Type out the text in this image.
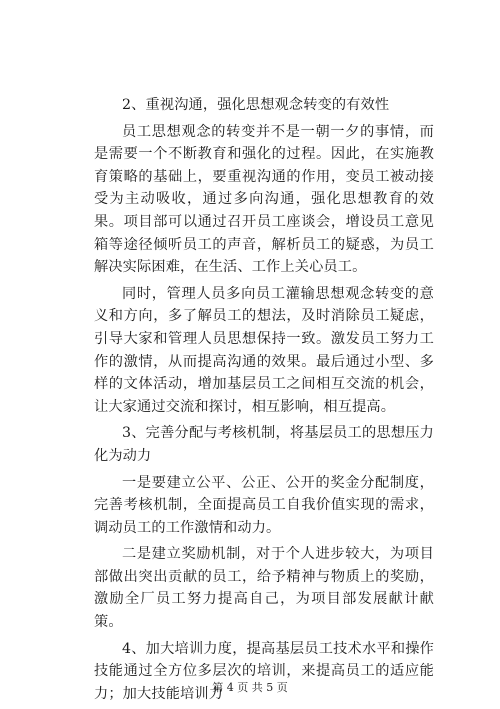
2、重视沟通，强化思想观念转变的有效性

员工思想观念的转变并不是一朝一夕的事情，而是需要一个不断教育和强化的过程。因此，在实施教育策略的基础上，要重视沟通的作用，变员工被动接受为主动吸收，通过多向沟通，强化思想教育的效果。项目部可以通过召开员工座谈会，增设员工意见箱等途径倾听员工的声音，解析员工的疑惑，为员工解决实际困难，在生活、工作上关心员工。

同时，管理人员多向员工灌输思想观念转变的意义和方向，多了解员工的想法，及时消除员工疑虑，引导大家和管理人员思想保持一致。激发员工努力工作的激情，从而提高沟通的效果。最后通过小型、多样的文体活动，增加基层员工之间相互交流的机会，让大家通过交流和探讨，相互影响，相互提高。

3、完善分配与考核机制，将基层员工的思想压力化为动力

一是要建立公平、公正、公开的奖金分配制度，完善考核机制，全面提高员工自我价值实现的需求，调动员工的工作激情和动力。

二是建立奖励机制，对于个人进步较大，为项目部做出突出贡献的员工，给予精神与物质上的奖励，激励全厂员工努力提高自己，为项目部发展献计献策。

4、加大培训力度，提高基层员工技术水平和操作技能通过全方位多层次的培训，来提高员工的适应能力；加大技能培训力

第 4 页 共 5 页
